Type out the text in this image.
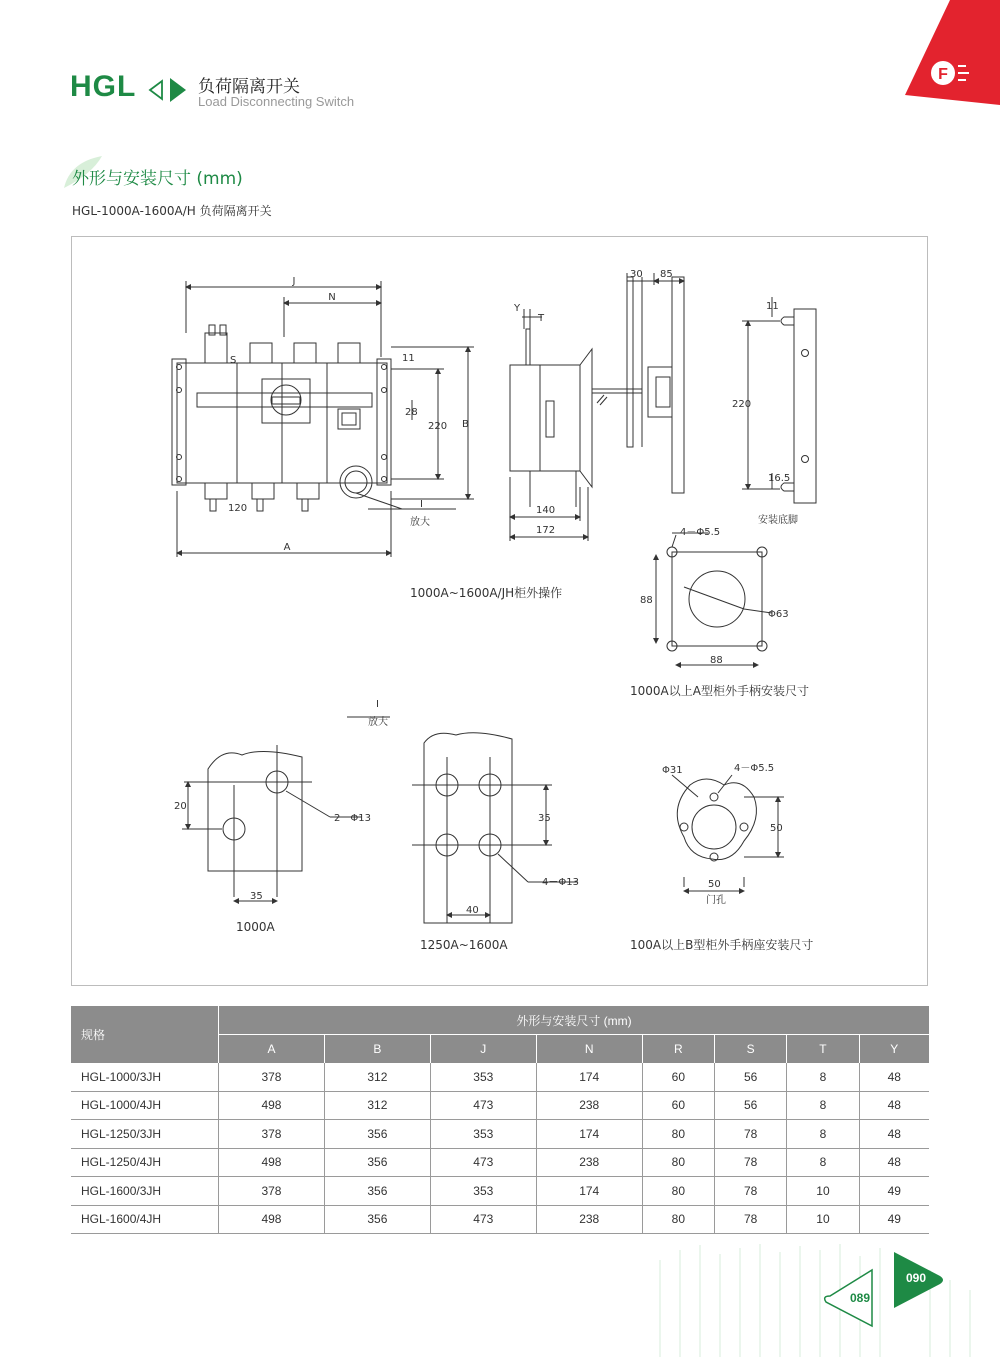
HGL	负荷隔离开关
Load Disconnecting Switch
F
外形与安装尺寸 (mm)
HGL-1000A-1600A/H 负荷隔离开关
J
N
A
B
S	11
28
220
120	I
放大
Y
T
30 85
140
172
11
220
16.5
安装底脚
1000A~1600A/JH柜外操作
4－Φ5.5
88
Φ63
88
1000A以上A型柜外手柄安装尺寸
I
放大
20
2－Φ13
35
1000A
35
4－Φ13
40
1250A~1600A
Φ31	4－Φ5.5
50
50
门孔
100A以上B型柜外手柄座安装尺寸
规格	外形与安装尺寸 (mm)							
	A	B	J	N	R	S	T	Y
HGL-1000/3JH	378	312	353	174	60	56	8	48
HGL-1000/4JH	498	312	473	238	60	56	8	48
HGL-1250/3JH	378	356	353	174	80	78	8	48
HGL-1250/4JH	498	356	473	238	80	78	8	48
HGL-1600/3JH	378	356	353	174	80	78	10	49
HGL-1600/4JH	498	356	473	238	80	78	10	49
089
090
